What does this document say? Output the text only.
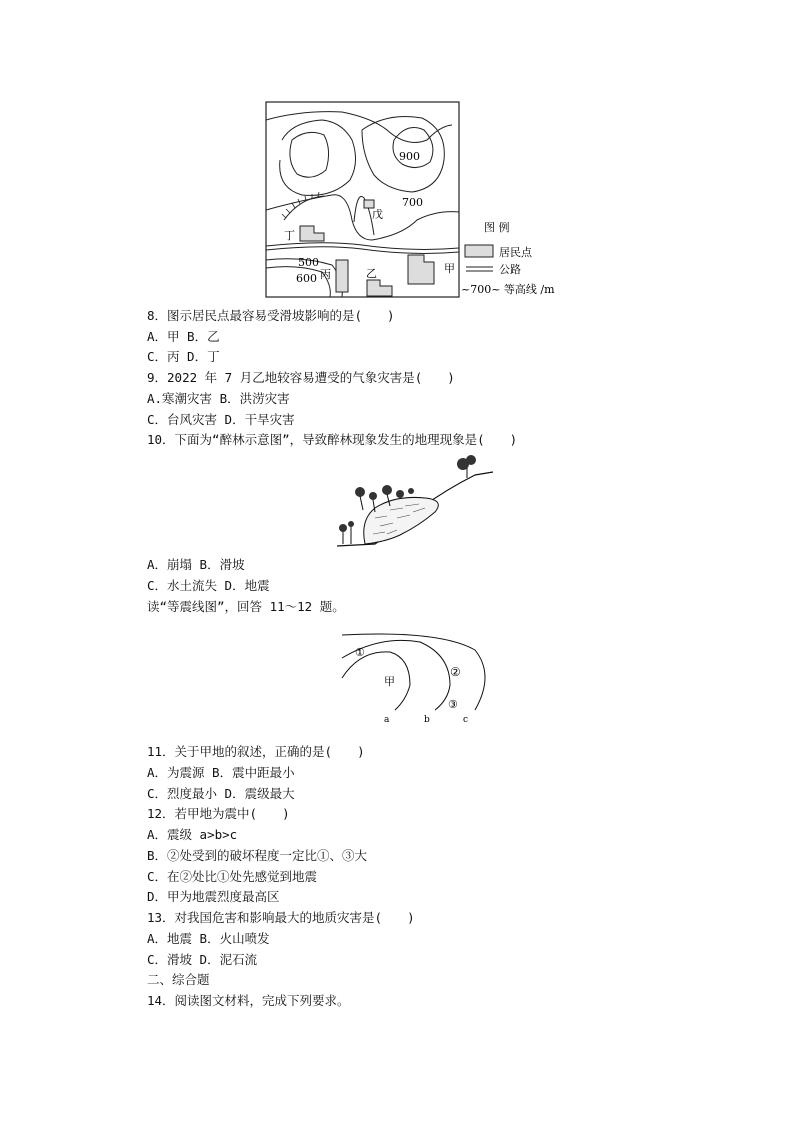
900
700
戊
丁
500
600 丙	乙	甲
图 例
居民点
公路
~700~ 等高线 /m
8．图示居民点最容易受滑坡影响的是(　　)
A．甲 B．乙
C．丙 D．丁
9．2022 年 7 月乙地较容易遭受的气象灾害是(　　)
A.寒潮灾害 B．洪涝灾害
C．台风灾害 D．干旱灾害
10．下面为“醉林示意图”，导致醉林现象发生的地理现象是(　　)
A．崩塌 B．滑坡
C．水土流失 D．地震
读“等震线图”，回答 11～12 题。
①
②
③
甲
a	b	c
11．关于甲地的叙述，正确的是(　　)
A．为震源 B．震中距最小
C．烈度最小 D．震级最大
12．若甲地为震中(　　)
A．震级 a>b>c
B．②处受到的破坏程度一定比①、③大
C．在②处比①处先感觉到地震
D．甲为地震烈度最高区
13．对我国危害和影响最大的地质灾害是(　　)
A．地震 B．火山喷发
C．滑坡 D．泥石流
二、综合题
14．阅读图文材料，完成下列要求。
